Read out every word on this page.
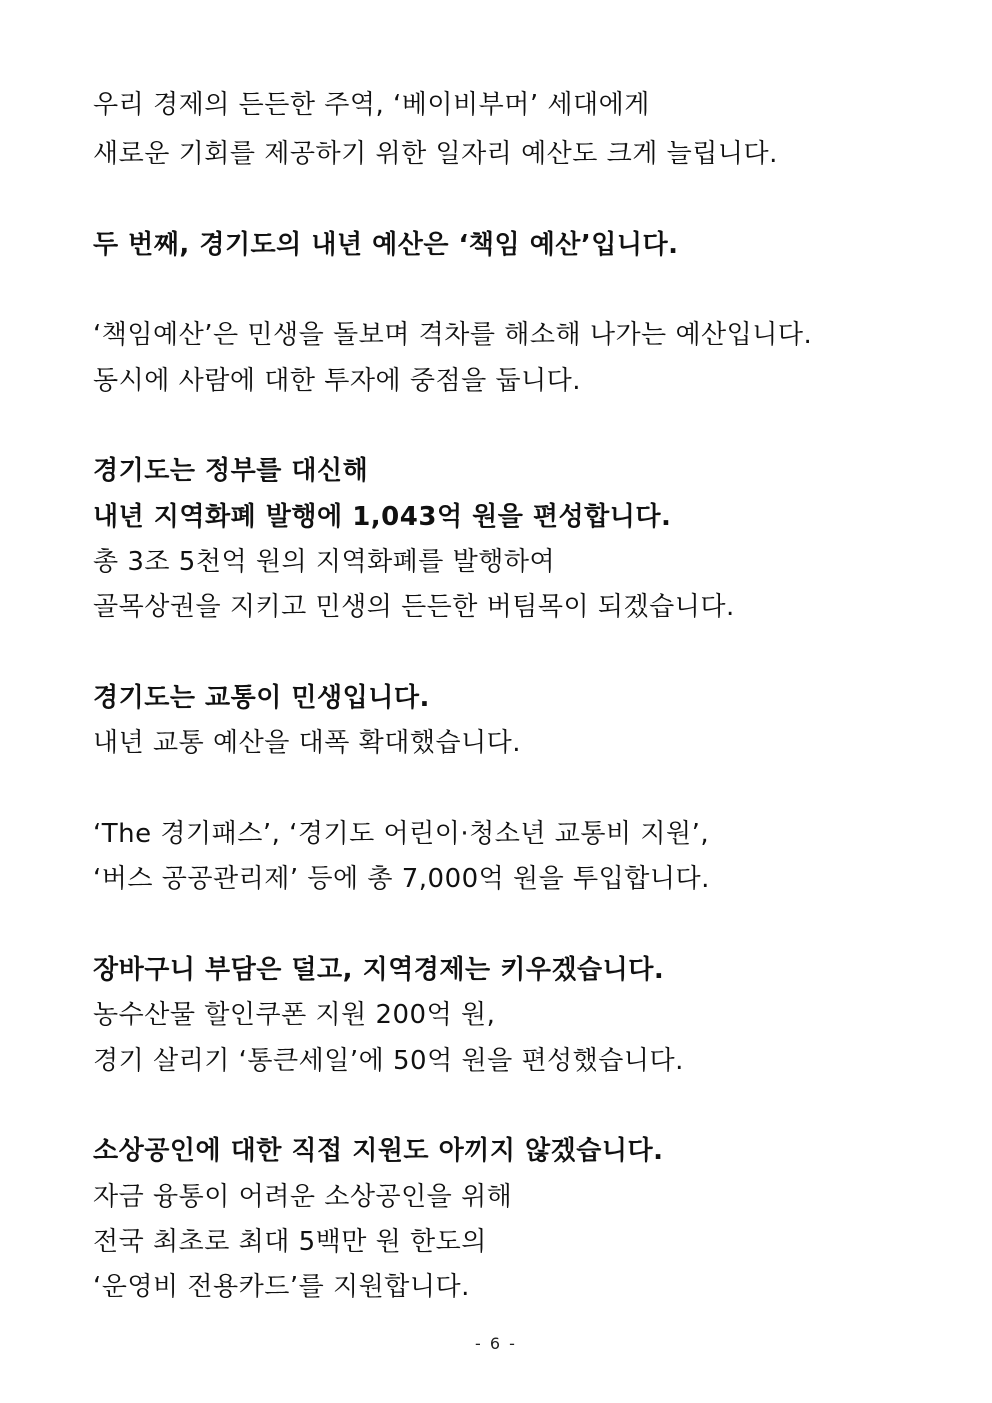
우리 경제의 든든한 주역, ‘베이비부머’ 세대에게
새로운 기회를 제공하기 위한 일자리 예산도 크게 늘립니다.
두 번째, 경기도의 내년 예산은 ‘책임 예산’입니다.
‘책임예산’은 민생을 돌보며 격차를 해소해 나가는 예산입니다.
동시에 사람에 대한 투자에 중점을 둡니다.
경기도는 정부를 대신해
내년 지역화폐 발행에 1,043억 원을 편성합니다.
총 3조 5천억 원의 지역화폐를 발행하여
골목상권을 지키고 민생의 든든한 버팀목이 되겠습니다.
경기도는 교통이 민생입니다.
내년 교통 예산을 대폭 확대했습니다.
‘The 경기패스’, ‘경기도 어린이·청소년 교통비 지원’,
‘버스 공공관리제’ 등에 총 7,000억 원을 투입합니다.
장바구니 부담은 덜고, 지역경제는 키우겠습니다.
농수산물 할인쿠폰 지원 200억 원,
경기 살리기 ‘통큰세일’에 50억 원을 편성했습니다.
소상공인에 대한 직접 지원도 아끼지 않겠습니다.
자금 융통이 어려운 소상공인을 위해
전국 최초로 최대 5백만 원 한도의
‘운영비 전용카드’를 지원합니다.
- 6 -
